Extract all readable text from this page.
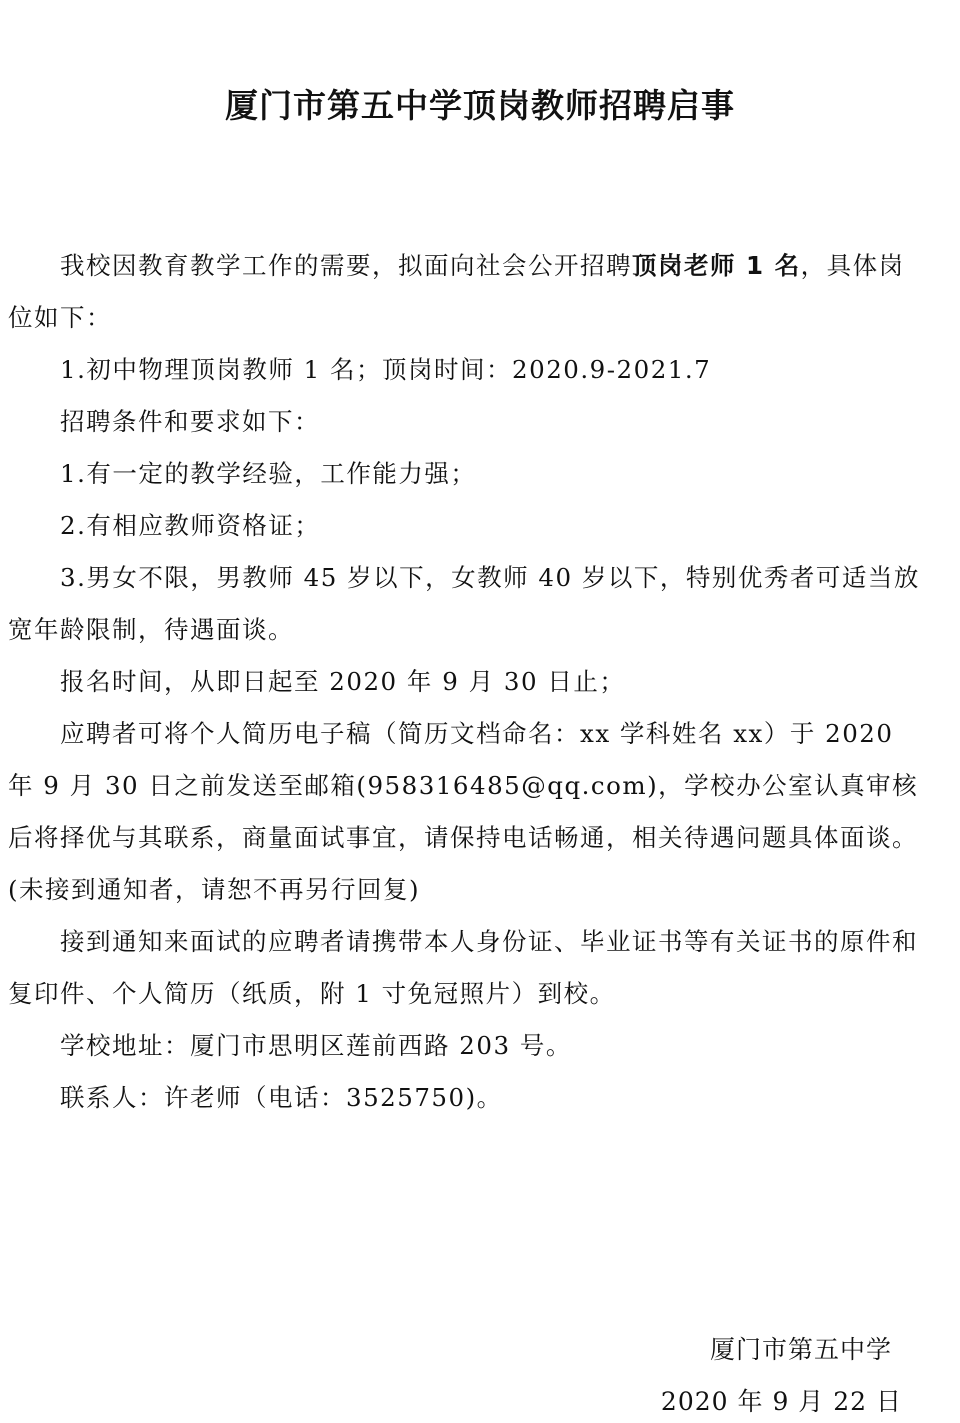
厦门市第五中学顶岗教师招聘启事

我校因教育教学工作的需要，拟面向社会公开招聘顶岗老师 1 名，具体岗位如下：

1.初中物理顶岗教师 1 名；顶岗时间：2020.9-2021.7

招聘条件和要求如下：

1.有一定的教学经验，工作能力强；

2.有相应教师资格证；

3.男女不限，男教师 45 岁以下，女教师 40 岁以下，特别优秀者可适当放宽年龄限制，待遇面谈。

报名时间，从即日起至 2020 年 9 月 30 日止；

应聘者可将个人简历电子稿（简历文档命名：xx 学科姓名 xx）于 2020 年 9 月 30 日之前发送至邮箱(958316485@qq.com)，学校办公室认真审核后将择优与其联系，商量面试事宜，请保持电话畅通，相关待遇问题具体面谈。(未接到通知者，请恕不再另行回复)

接到通知来面试的应聘者请携带本人身份证、毕业证书等有关证书的原件和复印件、个人简历（纸质，附 1 寸免冠照片）到校。

学校地址：厦门市思明区莲前西路 203 号。

联系人：许老师（电话：3525750)。

厦门市第五中学

2020 年 9 月 22 日
